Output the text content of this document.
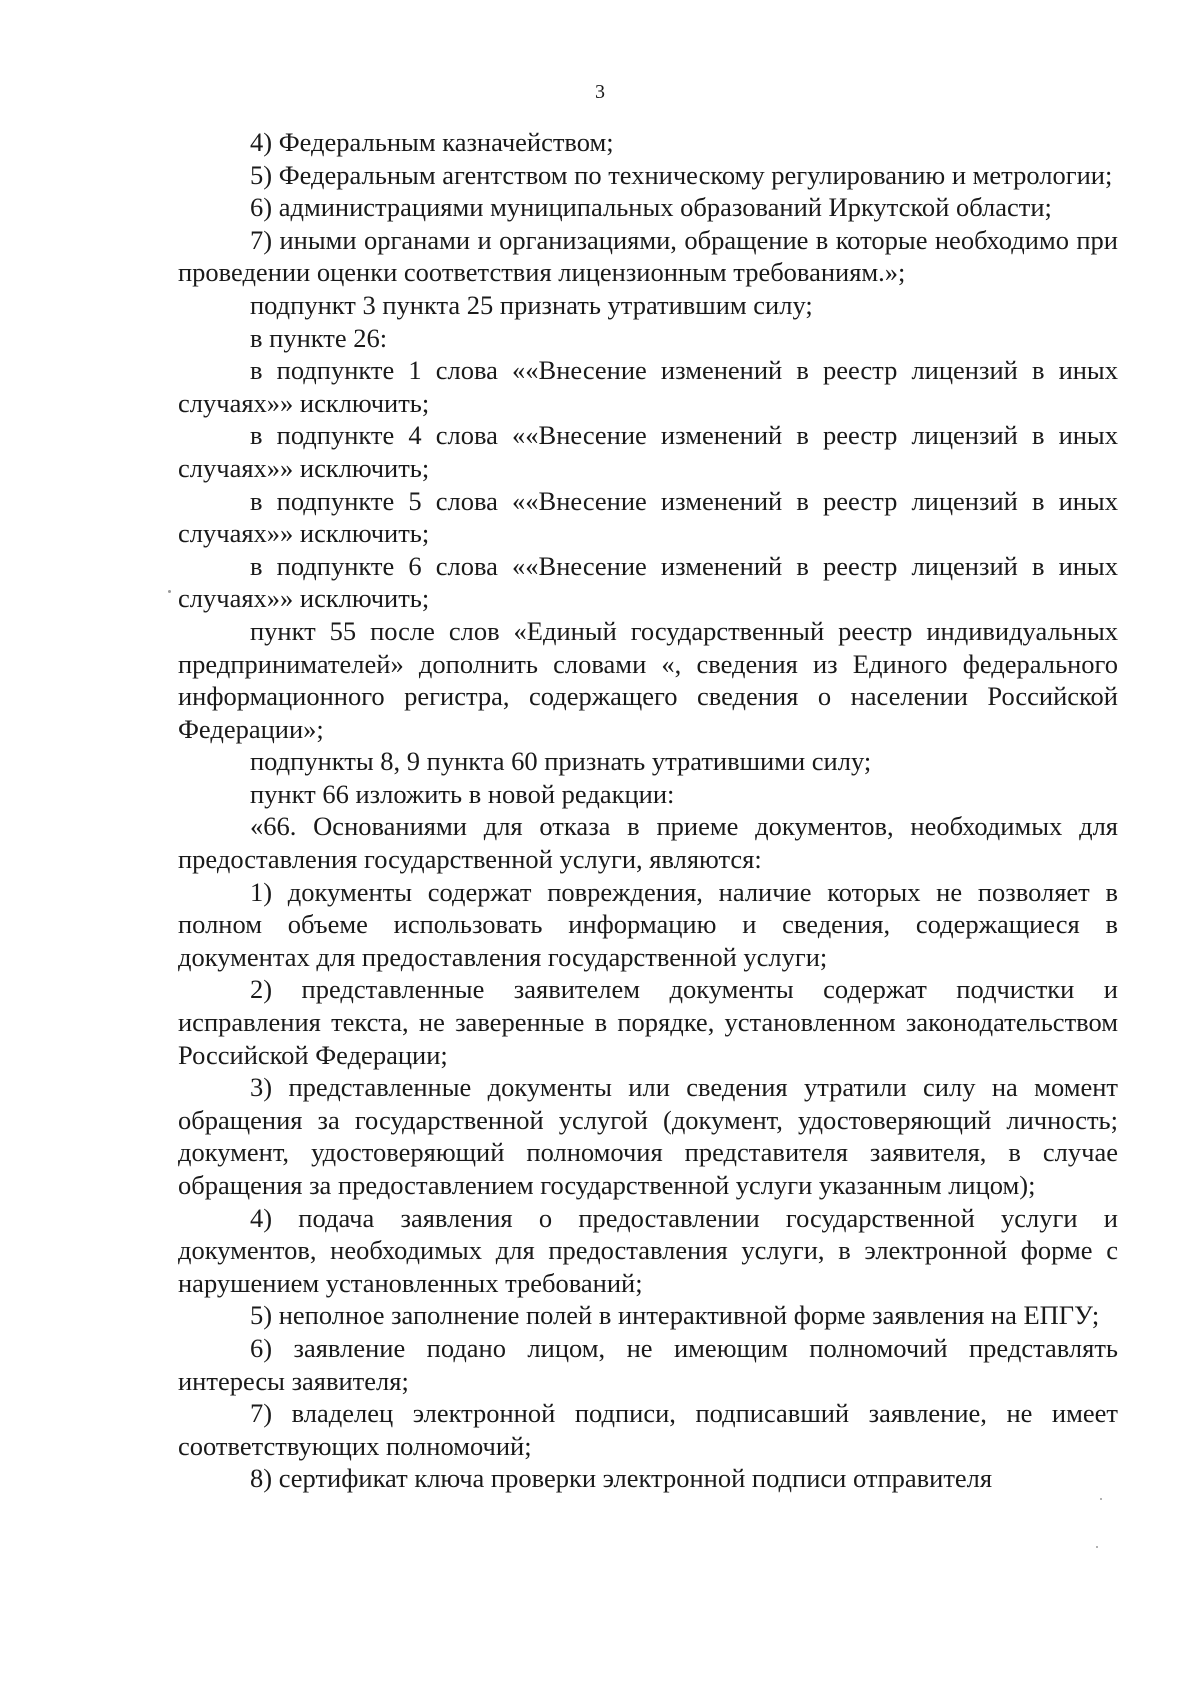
3

4) Федеральным казначейством;

5) Федеральным агентством по техническому регулированию и метрологии;

6) администрациями муниципальных образований Иркутской области;

7) иными органами и организациями, обращение в которые необходимо при проведении оценки соответствия лицензионным требованиям.»;

подпункт 3 пункта 25 признать утратившим силу;

в пункте 26:

в подпункте 1 слова ««Внесение изменений в реестр лицензий в иных случаях»» исключить;

в подпункте 4 слова ««Внесение изменений в реестр лицензий в иных случаях»» исключить;

в подпункте 5 слова ««Внесение изменений в реестр лицензий в иных случаях»» исключить;

в подпункте 6 слова ««Внесение изменений в реестр лицензий в иных случаях»» исключить;

пункт 55 после слов «Единый государственный реестр индивидуальных предпринимателей» дополнить словами «, сведения из Единого федерального информационного регистра, содержащего сведения о населении Российской Федерации»;

подпункты 8, 9 пункта 60 признать утратившими силу;

пункт 66 изложить в новой редакции:

«66. Основаниями для отказа в приеме документов, необходимых для предоставления государственной услуги, являются:

1) документы содержат повреждения, наличие которых не позволяет в полном объеме использовать информацию и сведения, содержащиеся в документах для предоставления государственной услуги;

2) представленные заявителем документы содержат подчистки и исправления текста, не заверенные в порядке, установленном законодательством Российской Федерации;

3) представленные документы или сведения утратили силу на момент обращения за государственной услугой (документ, удостоверяющий личность; документ, удостоверяющий полномочия представителя заявителя, в случае обращения за предоставлением государственной услуги указанным лицом);

4) подача заявления о предоставлении государственной услуги и документов, необходимых для предоставления услуги, в электронной форме с нарушением установленных требований;

5) неполное заполнение полей в интерактивной форме заявления на ЕПГУ;

6) заявление подано лицом, не имеющим полномочий представлять интересы заявителя;

7) владелец электронной подписи, подписавший заявление, не имеет соответствующих полномочий;

8) сертификат ключа проверки электронной подписи отправителя
